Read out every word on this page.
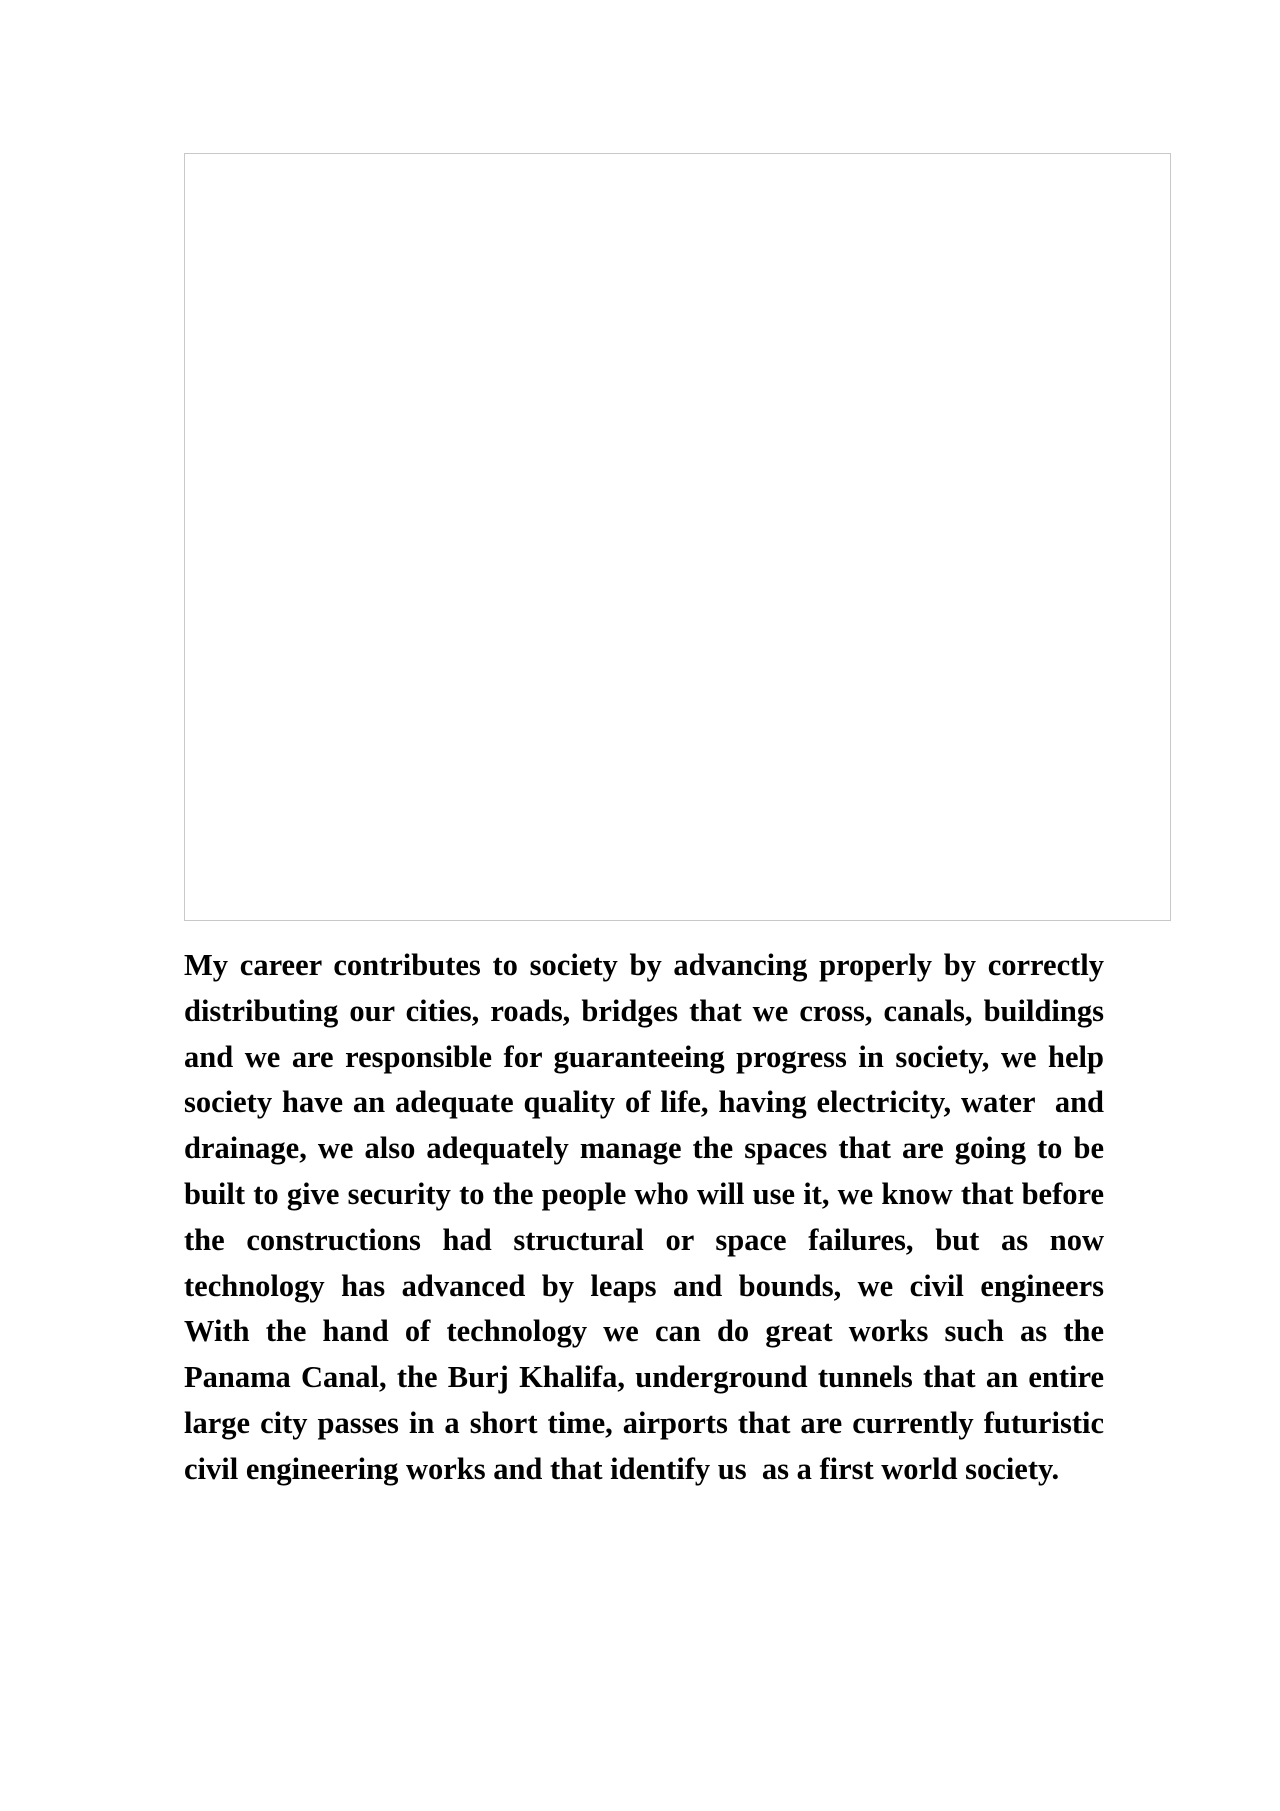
My career contributes to society by advancing properly by correctly distributing our cities, roads, bridges that we cross, canals, buildings and we are responsible for guaranteeing progress in society, we help society have an adequate quality of life, having electricity, water  and drainage, we also adequately manage the spaces that are going to be built to give security to the people who will use it, we know that before the constructions had structural or space failures, but as now technology has advanced by leaps and bounds, we civil engineers  With the hand of technology we can do great works such as the Panama Canal, the Burj Khalifa, underground tunnels that an entire large city passes in a short time, airports that are currently futuristic civil engineering works and that identify us  as a first world society.
